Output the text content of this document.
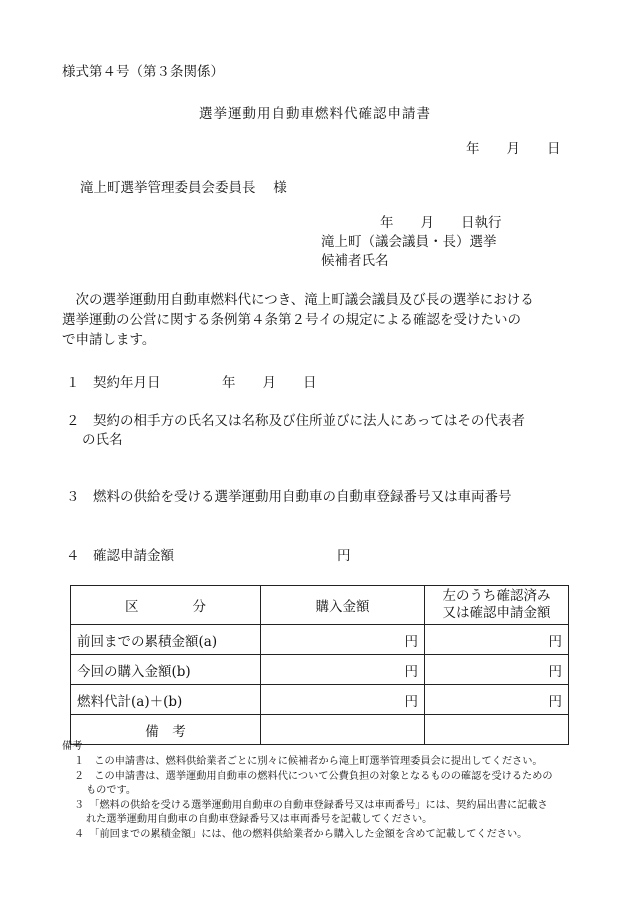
様式第４号（第３条関係）
選挙運動用自動車燃料代確認申請書
年　　月　　日
滝上町選挙管理委員会委員長　 様
年　　月　　日執行
滝上町（議会議員・長）選挙
候補者氏名
　次の選挙運動用自動車燃料代につき、滝上町議会議員及び長の選挙における
選挙運動の公営に関する条例第４条第２号イの規定による確認を受けたいの
で申請します。
１　契約年月日	年　　月　　日
２　契約の相手方の氏名又は名称及び住所並びに法人にあってはその代表者
の氏名
３　燃料の供給を受ける選挙運動用自動車の自動車登録番号又は車両番号
４　確認申請金額	円
区　　　　分	購入金額	左のうち確認済み
又は確認申請金額

前回までの累積金額(a)	円	円
今回の購入金額(b)	円	円
燃料代計(a)＋(b)	円	円
備　考		
備考
１　この申請書は、燃料供給業者ごとに別々に候補者から滝上町選挙管理委員会に提出してください。
２　この申請書は、選挙運動用自動車の燃料代について公費負担の対象となるものの確認を受けるための
ものです。
３　「燃料の供給を受ける選挙運動用自動車の自動車登録番号又は車両番号」には、契約届出書に記載さ
れた選挙運動用自動車の自動車登録番号又は車両番号を記載してください。
４　「前回までの累積金額」には、他の燃料供給業者から購入した金額を含めて記載してください。
